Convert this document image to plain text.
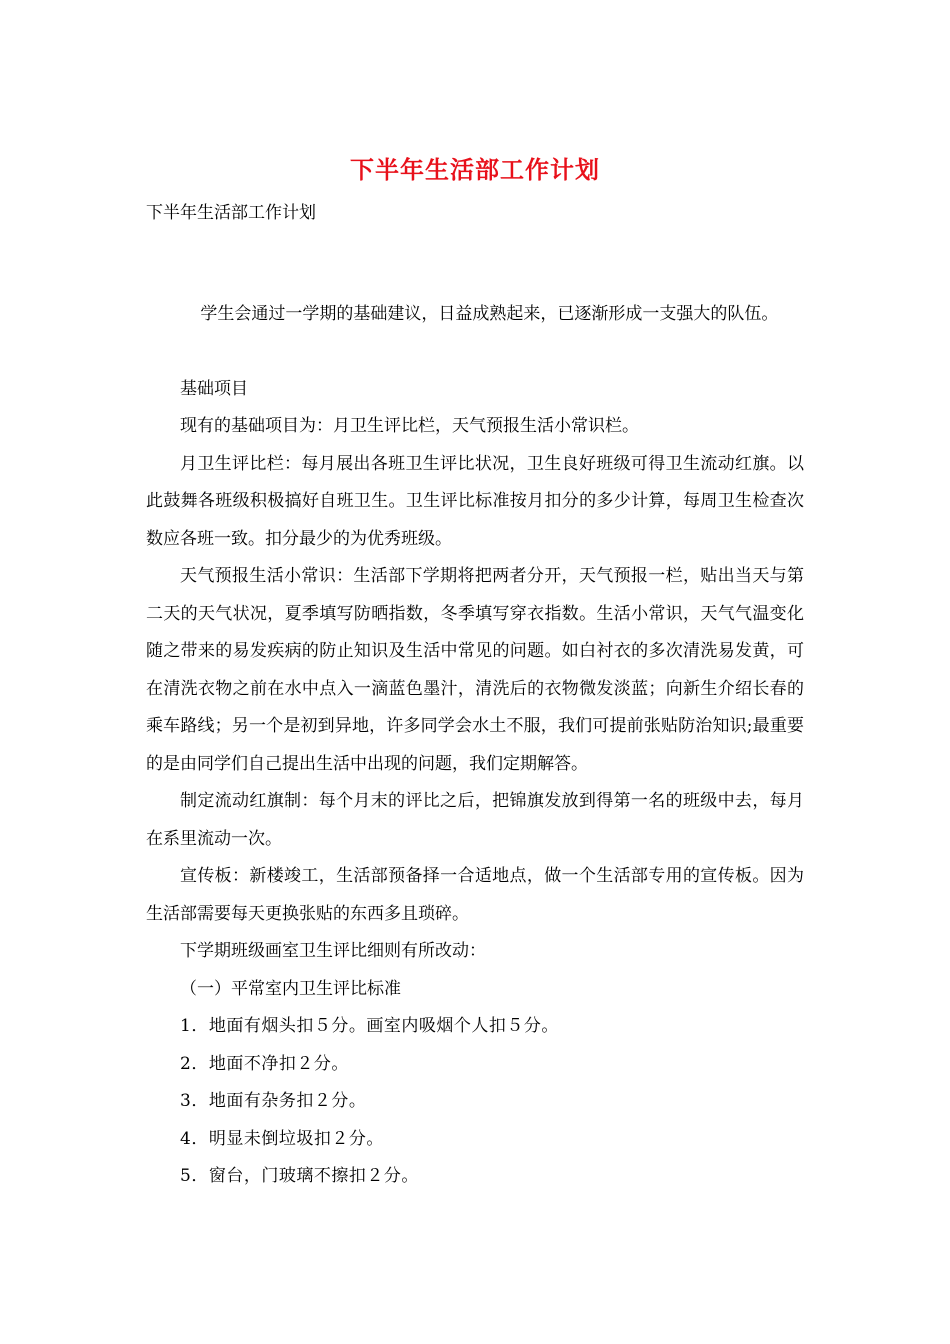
下半年生活部工作计划
下半年生活部工作计划

学生会通过一学期的基础建议，日益成熟起来，已逐渐形成一支强大的队伍。

基础项目

现有的基础项目为：月卫生评比栏，天气预报生活小常识栏。

月卫生评比栏：每月展出各班卫生评比状况，卫生良好班级可得卫生流动红旗。以此鼓舞各班级积极搞好自班卫生。卫生评比标准按月扣分的多少计算，每周卫生检查次数应各班一致。扣分最少的为优秀班级。

天气预报生活小常识：生活部下学期将把两者分开，天气预报一栏，贴出当天与第二天的天气状况，夏季填写防晒指数，冬季填写穿衣指数。生活小常识，天气气温变化随之带来的易发疾病的防止知识及生活中常见的问题。如白衬衣的多次清洗易发黄，可在清洗衣物之前在水中点入一滴蓝色墨汁，清洗后的衣物微发淡蓝；向新生介绍长春的乘车路线；另一个是初到异地，许多同学会水土不服，我们可提前张贴防治知识;最重要的是由同学们自己提出生活中出现的问题，我们定期解答。

制定流动红旗制：每个月末的评比之后，把锦旗发放到得第一名的班级中去，每月在系里流动一次。

宣传板：新楼竣工，生活部预备择一合适地点，做一个生活部专用的宣传板。因为生活部需要每天更换张贴的东西多且琐碎。

下学期班级画室卫生评比细则有所改动：

（一）平常室内卫生评比标准

1．地面有烟头扣５分。画室内吸烟个人扣５分。

2．地面不净扣２分。

3．地面有杂务扣２分。

4．明显未倒垃圾扣２分。

5．窗台，门玻璃不擦扣２分。
